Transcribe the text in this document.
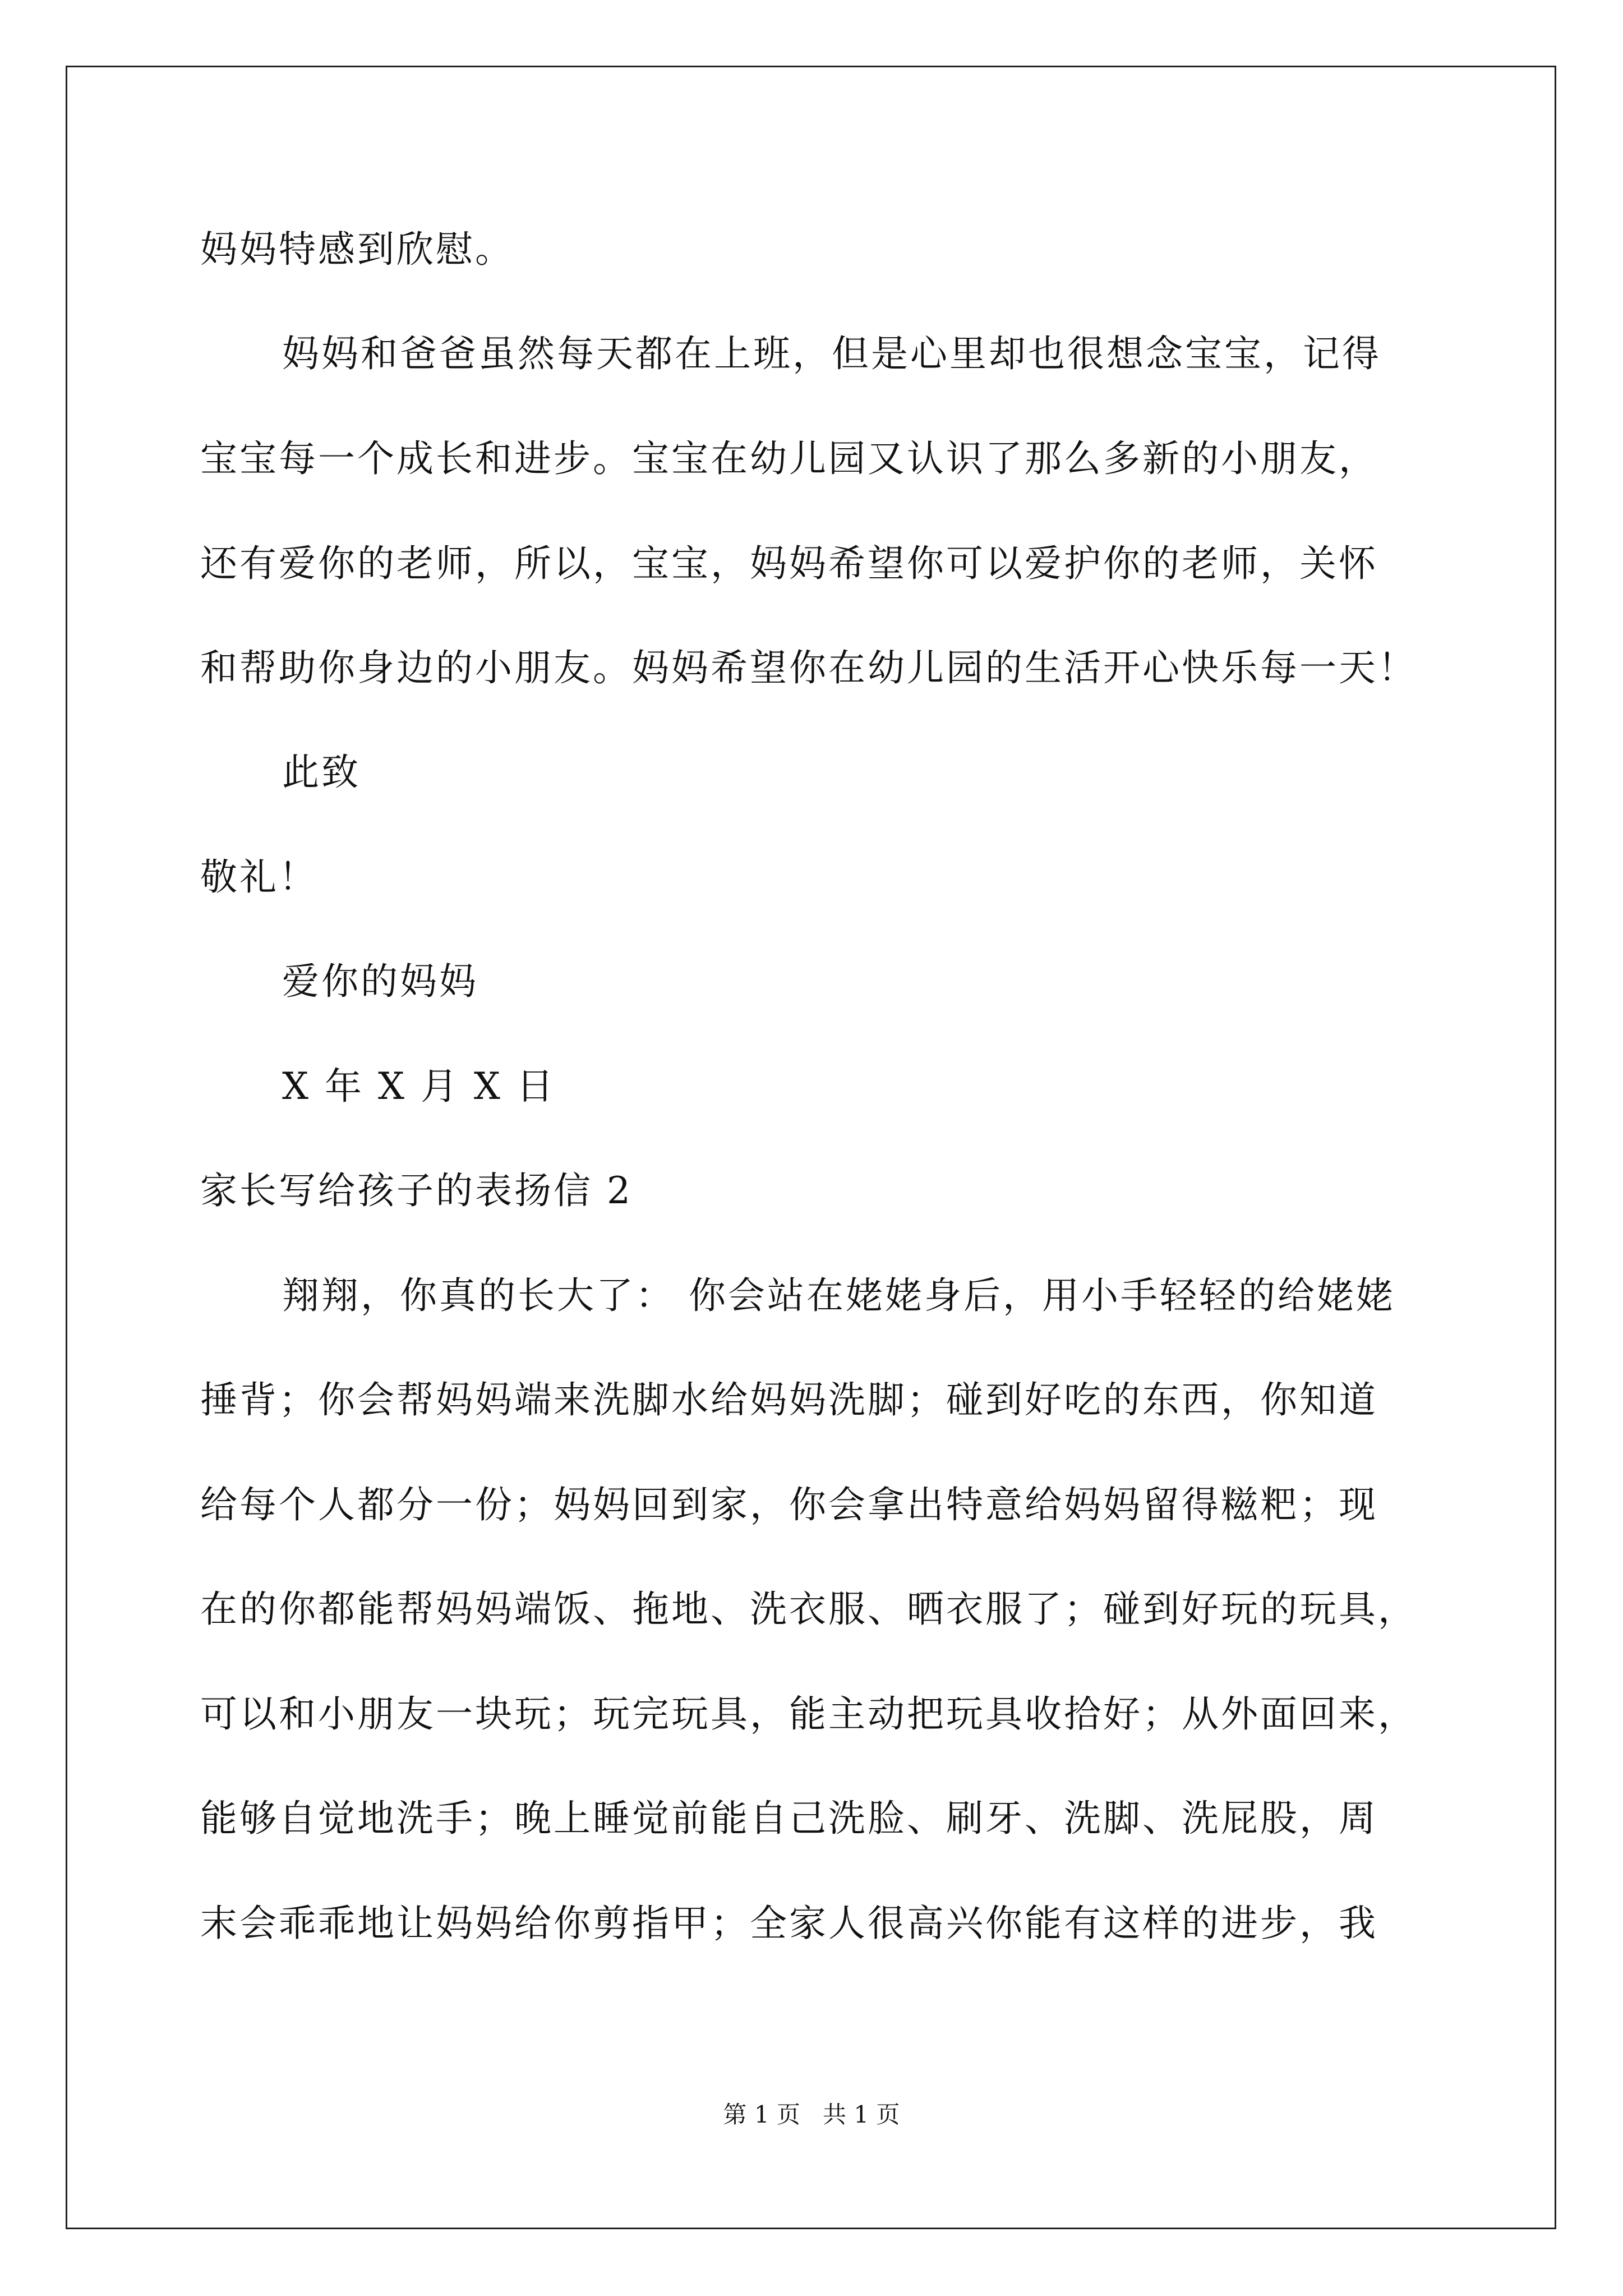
妈妈特感到欣慰。
妈妈和爸爸虽然每天都在上班，但是心里却也很想念宝宝，记得
宝宝每一个成长和进步。宝宝在幼儿园又认识了那么多新的小朋友，
还有爱你的老师，所以，宝宝，妈妈希望你可以爱护你的老师，关怀
和帮助你身边的小朋友。妈妈希望你在幼儿园的生活开心快乐每一天！
此致
敬礼！
爱你的妈妈
X 年 X 月 X 日
家长写给孩子的表扬信 2
翔翔，你真的长大了： 你会站在姥姥身后，用小手轻轻的给姥姥
捶背；你会帮妈妈端来洗脚水给妈妈洗脚；碰到好吃的东西，你知道
给每个人都分一份；妈妈回到家，你会拿出特意给妈妈留得糍粑；现
在的你都能帮妈妈端饭、拖地、洗衣服、晒衣服了；碰到好玩的玩具，
可以和小朋友一块玩；玩完玩具，能主动把玩具收拾好；从外面回来，
能够自觉地洗手；晚上睡觉前能自己洗脸、刷牙、洗脚、洗屁股，周
末会乖乖地让妈妈给你剪指甲；全家人很高兴你能有这样的进步，我
第 1 页   共 1 页
